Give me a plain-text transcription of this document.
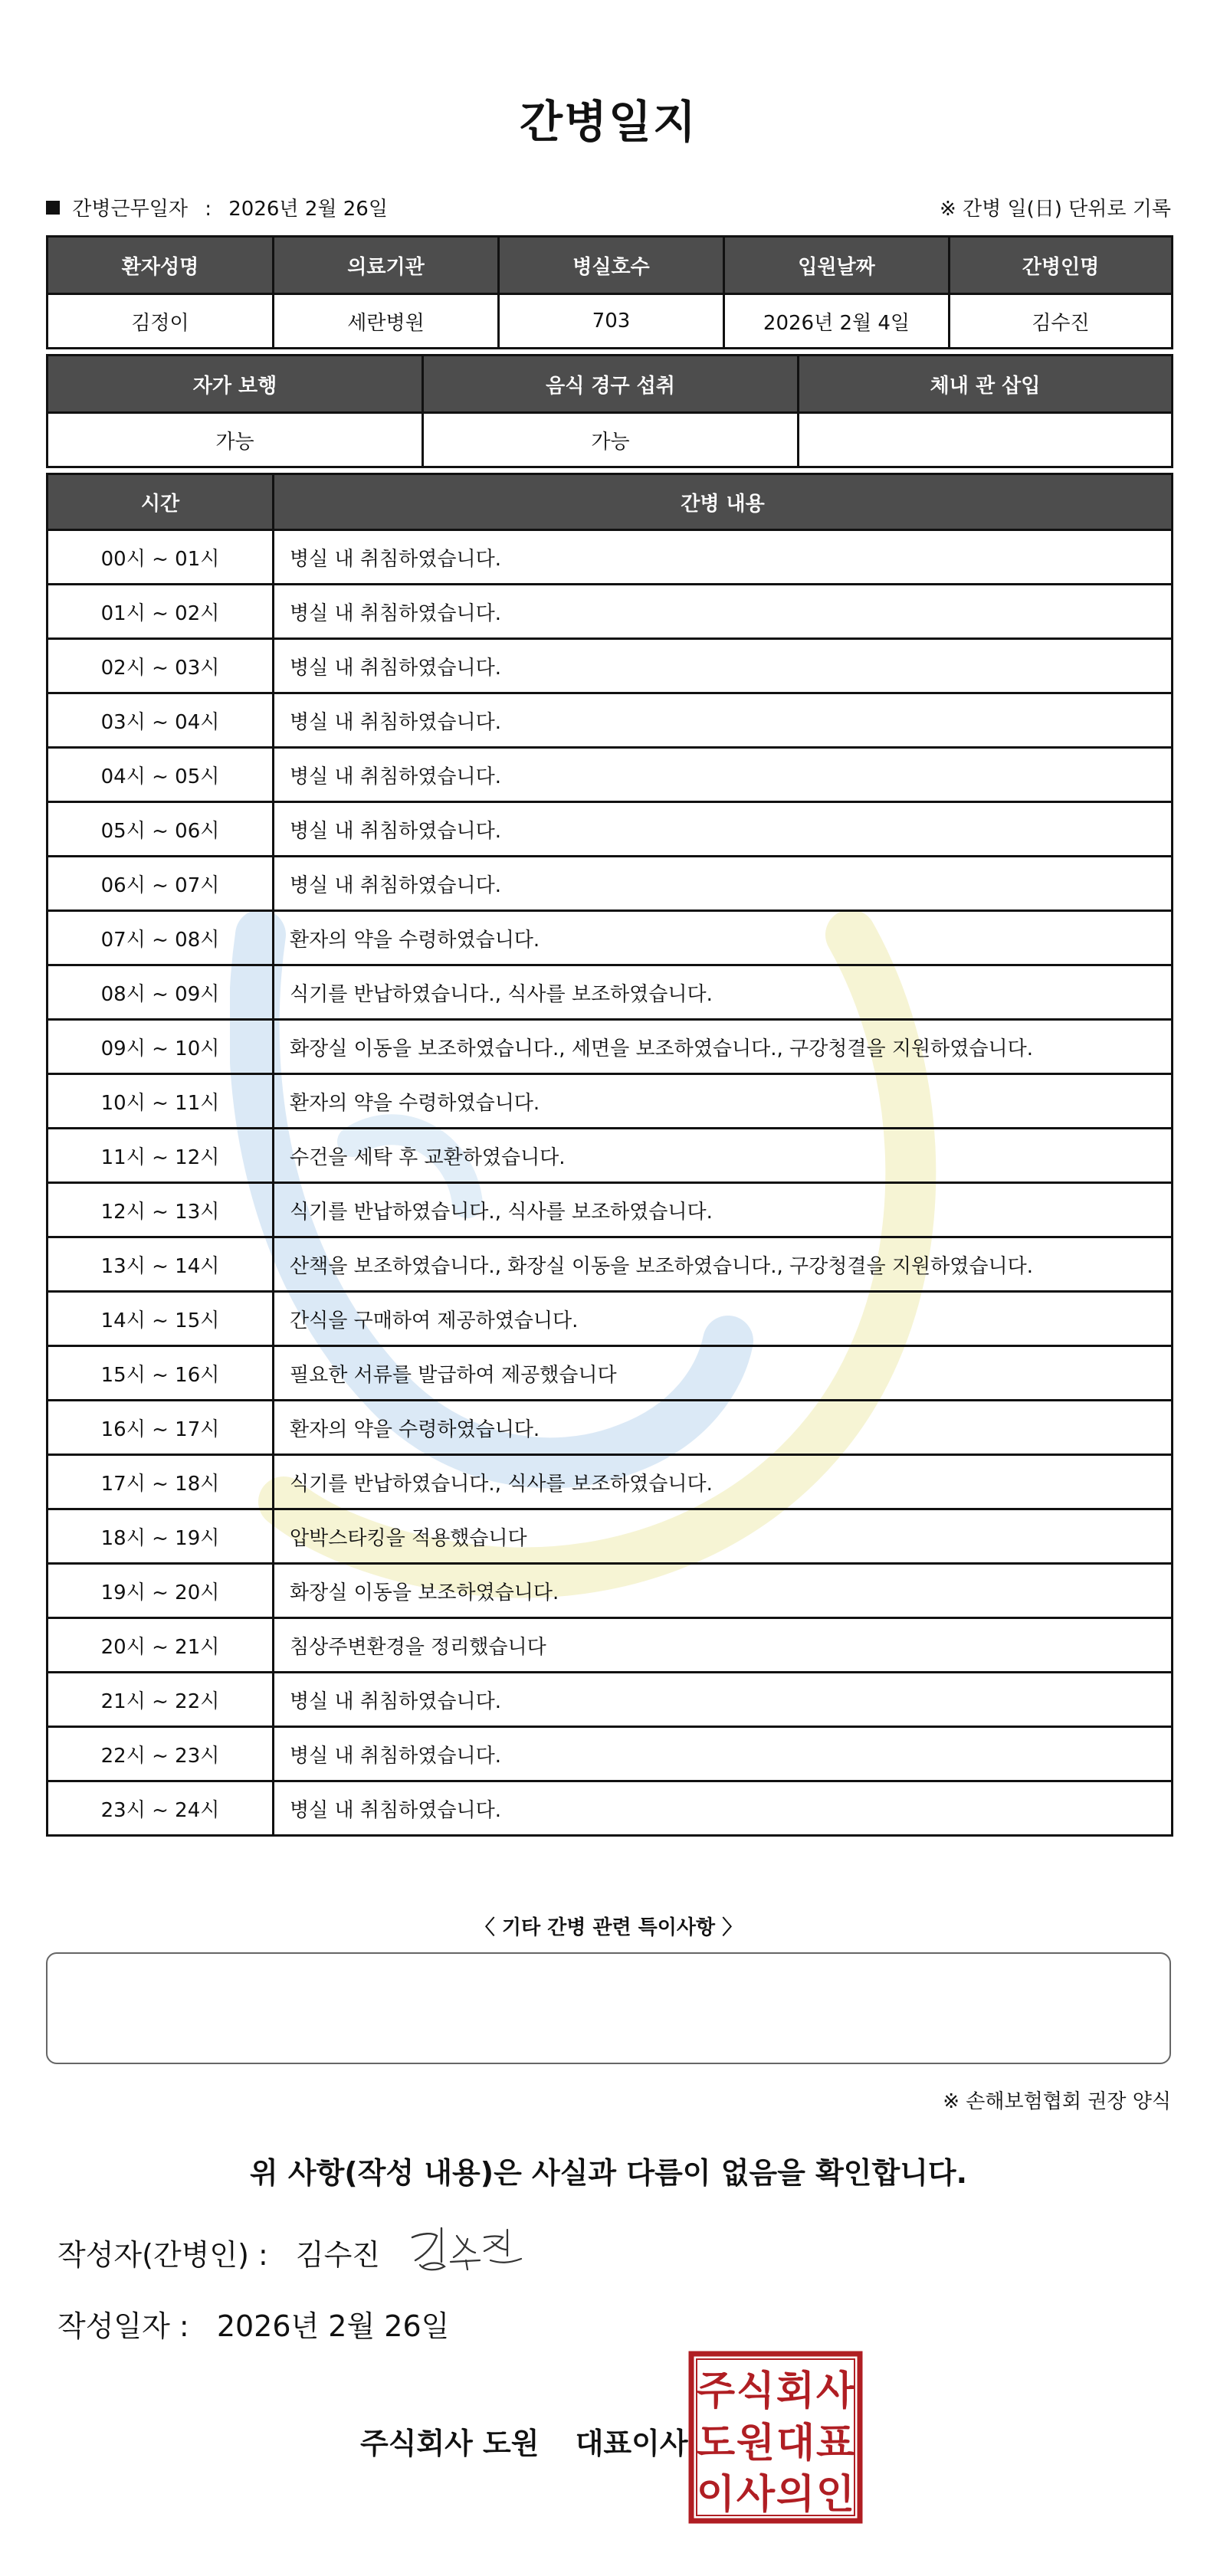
간병일지
간병근무일자 : 2026년 2월 26일	※ 간병 일(日) 단위로 기록
환자성명	의료기관	병실호수	입원날짜	간병인명
김정이	세란병원	703	2026년 2월 4일	김수진
자가 보행	음식 경구 섭취	체내 관 삽입
가능	가능	
시간	간병 내용
00시 ~ 01시	병실 내 취침하였습니다.
01시 ~ 02시	병실 내 취침하였습니다.
02시 ~ 03시	병실 내 취침하였습니다.
03시 ~ 04시	병실 내 취침하였습니다.
04시 ~ 05시	병실 내 취침하였습니다.
05시 ~ 06시	병실 내 취침하였습니다.
06시 ~ 07시	병실 내 취침하였습니다.
07시 ~ 08시	환자의 약을 수령하였습니다.
08시 ~ 09시	식기를 반납하였습니다., 식사를 보조하였습니다.
09시 ~ 10시	화장실 이동을 보조하였습니다., 세면을 보조하였습니다., 구강청결을 지원하였습니다.
10시 ~ 11시	환자의 약을 수령하였습니다.
11시 ~ 12시	수건을 세탁 후 교환하였습니다.
12시 ~ 13시	식기를 반납하였습니다., 식사를 보조하였습니다.
13시 ~ 14시	산책을 보조하였습니다., 화장실 이동을 보조하였습니다., 구강청결을 지원하였습니다.
14시 ~ 15시	간식을 구매하여 제공하였습니다.
15시 ~ 16시	필요한 서류를 발급하여 제공했습니다
16시 ~ 17시	환자의 약을 수령하였습니다.
17시 ~ 18시	식기를 반납하였습니다., 식사를 보조하였습니다.
18시 ~ 19시	압박스타킹을 적용했습니다
19시 ~ 20시	화장실 이동을 보조하였습니다.
20시 ~ 21시	침상주변환경을 정리했습니다
21시 ~ 22시	병실 내 취침하였습니다.
22시 ~ 23시	병실 내 취침하였습니다.
23시 ~ 24시	병실 내 취침하였습니다.
〈 기타 간병 관련 특이사항 〉
※ 손해보험협회 권장 양식
위 사항(작성 내용)은 사실과 다름이 없음을 확인합니다.
작성자(간병인) : 김수진
작성일자 : 2026년 2월 26일
주식회사 도원 대표이사
주 식 회 사
도 원 대 표
이 사 의 인
